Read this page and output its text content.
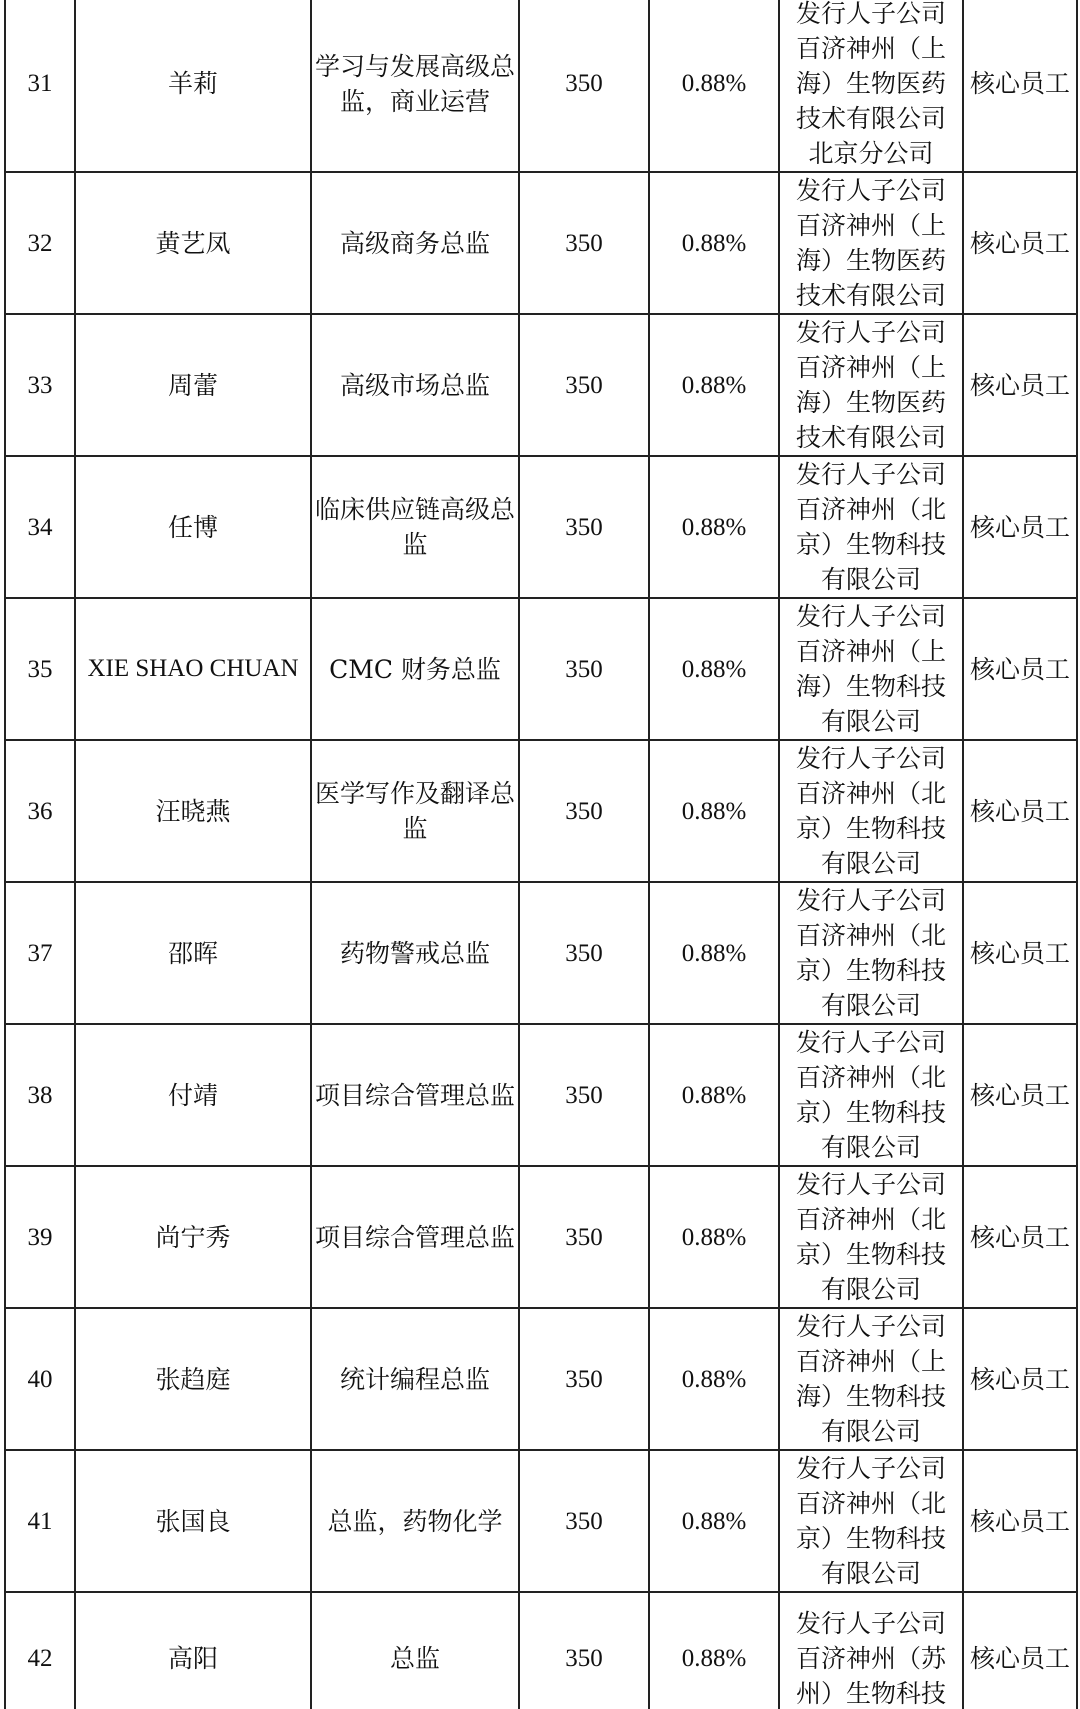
31	羊莉	学习与发展高级总监，商业运营	350	0.88%	发行人子公司
百济神州（上
海）生物医药
技术有限公司
北京分公司	核心员工
32	黄艺凤	高级商务总监	350	0.88%	发行人子公司
百济神州（上
海）生物医药
技术有限公司	核心员工
33	周蕾	高级市场总监	350	0.88%	发行人子公司
百济神州（上
海）生物医药
技术有限公司	核心员工
34	任博	临床供应链高级总监	350	0.88%	发行人子公司
百济神州（北
京）生物科技
有限公司	核心员工
35	XIE SHAO CHUAN	CMC 财务总监	350	0.88%	发行人子公司
百济神州（上
海）生物科技
有限公司	核心员工
36	汪晓燕	医学写作及翻译总监	350	0.88%	发行人子公司
百济神州（北
京）生物科技
有限公司	核心员工
37	邵晖	药物警戒总监	350	0.88%	发行人子公司
百济神州（北
京）生物科技
有限公司	核心员工
38	付靖	项目综合管理总监	350	0.88%	发行人子公司
百济神州（北
京）生物科技
有限公司	核心员工
39	尚宁秀	项目综合管理总监	350	0.88%	发行人子公司
百济神州（北
京）生物科技
有限公司	核心员工
40	张趋庭	统计编程总监	350	0.88%	发行人子公司
百济神州（上
海）生物科技
有限公司	核心员工
41	张国良	总监，药物化学	350	0.88%	发行人子公司
百济神州（北
京）生物科技
有限公司	核心员工
42	高阳	总监	350	0.88%	发行人子公司
百济神州（苏
州）生物科技	核心员工
